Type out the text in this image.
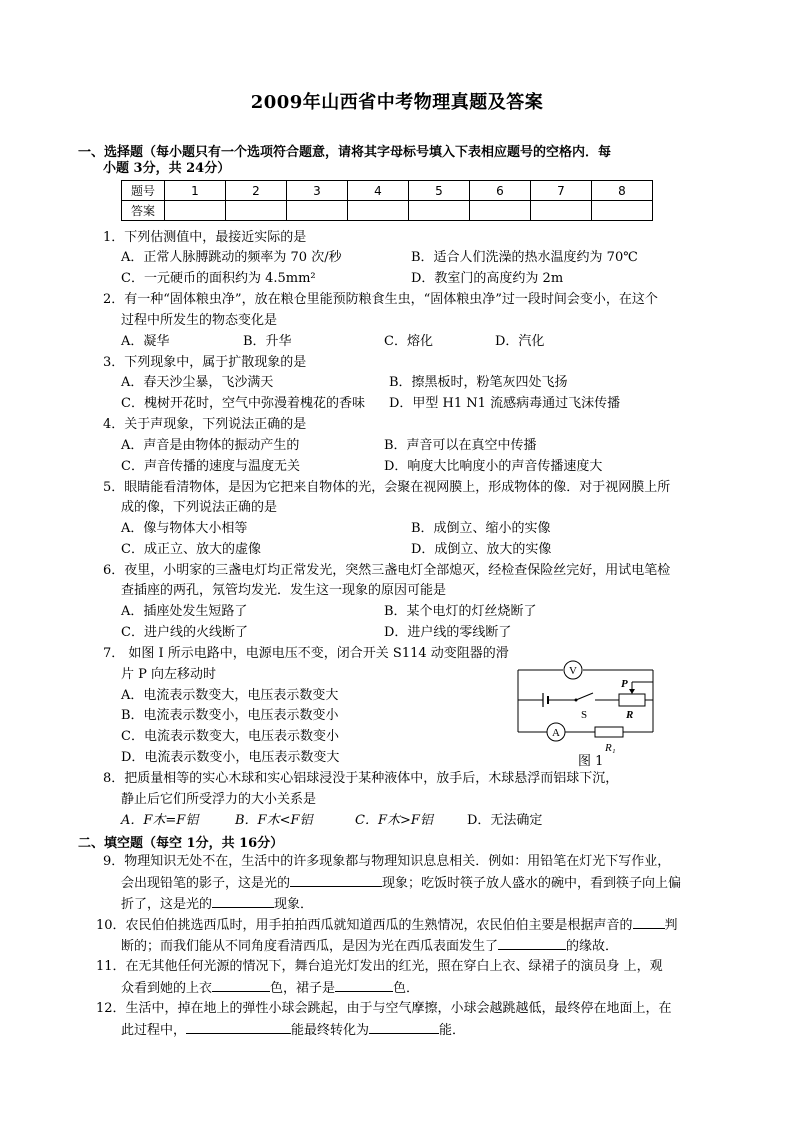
2009年山西省中考物理真题及答案
一、选择题（每小题只有一个选项符合题意，请将其字母标号填入下表相应题号的空格内．每
小题 3分，共 24分）
题号	1	2	3	4	5	6	7	8
答案								
1．下列估测值中，最接近实际的是
A．正常人脉膊跳动的频率为 70 次/秒	B．适合人们洗澡的热水温度约为 70℃
C．一元硬币的面积约为 4.5mm²	D．教室门的高度约为 2m
2．有一种“固体粮虫净”，放在粮仓里能预防粮食生虫，“固体粮虫净”过一段时间会变小，在这个
过程中所发生的物态变化是
A．凝华	B．升华	C．熔化	D．汽化
3．下列现象中，属于扩散现象的是
A．春天沙尘暴，飞沙满天	B．擦黑板时，粉笔灰四处飞扬
C．槐树开花时，空气中弥漫着槐花的香味 D．甲型 H1 N1 流感病毒通过飞沫传播
4．关于声现象，下列说法正确的是
A．声音是由物体的振动产生的	B．声音可以在真空中传播
C．声音传播的速度与温度无关	D．响度大比响度小的声音传播速度大
5．眼睛能看清物体，是因为它把来自物体的光，会聚在视网膜上，形成物体的像．对于视网膜上所
成的像，下列说法正确的是
A．像与物体大小相等	B．成倒立、缩小的实像
C．成正立、放大的虚像	D．成倒立、放大的实像
6．夜里，小明家的三盏电灯均正常发光，突然三盏电灯全部熄灭，经检查保险丝完好，用试电笔检
查插座的两孔，氖管均发光．发生这一现象的原因可能是
A．插座处发生短路了	B．某个电灯的灯丝烧断了
C．进户线的火线断了	D．进户线的零线断了
7． 如图 I 所示电路中，电源电压不变，闭合开关 S114 动变阻器的滑
片 P 向左移动时
A．电流表示数变大，电压表示数变大
B．电流表示数变小，电压表示数变小
C．电流表示数变大，电压表示数变小
D．电流表示数变小，电压表示数变大
V
S
P
R
A
R₁
图 1
8．把质量相等的实心木球和实心铝球浸没于某种液体中，放手后，木球悬浮而铝球下沉，
静止后它们所受浮力的大小关系是
A．F木=F铝	B．F木<F铝	C．F木>F铝	D．无法确定
二、填空题（每空 1分，共 16分）
9．物理知识无处不在，生活中的许多现象都与物理知识息息相关．例如：用铅笔在灯光下写作业，
会出现铅笔的影子，这是光的	现象；吃饭时筷子放人盛水的碗中，看到筷子向上偏
折了，这是光的	现象．
10．农民伯伯挑选西瓜时，用手拍拍西瓜就知道西瓜的生熟情况，农民伯伯主要是根据声音的 判
断的；而我们能从不同角度看清西瓜，是因为光在西瓜表面发生了	的缘故．
11．在无其他任何光源的情况下，舞台追光灯发出的红光，照在穿白上衣、绿裙子的演员身 上，观
众看到她的上衣	色，裙子是	色．
12．生活中，掉在地上的弹性小球会跳起，由于与空气摩擦，小球会越跳越低，最终停在地面上，在
此过程中，	能最终转化为	能．
